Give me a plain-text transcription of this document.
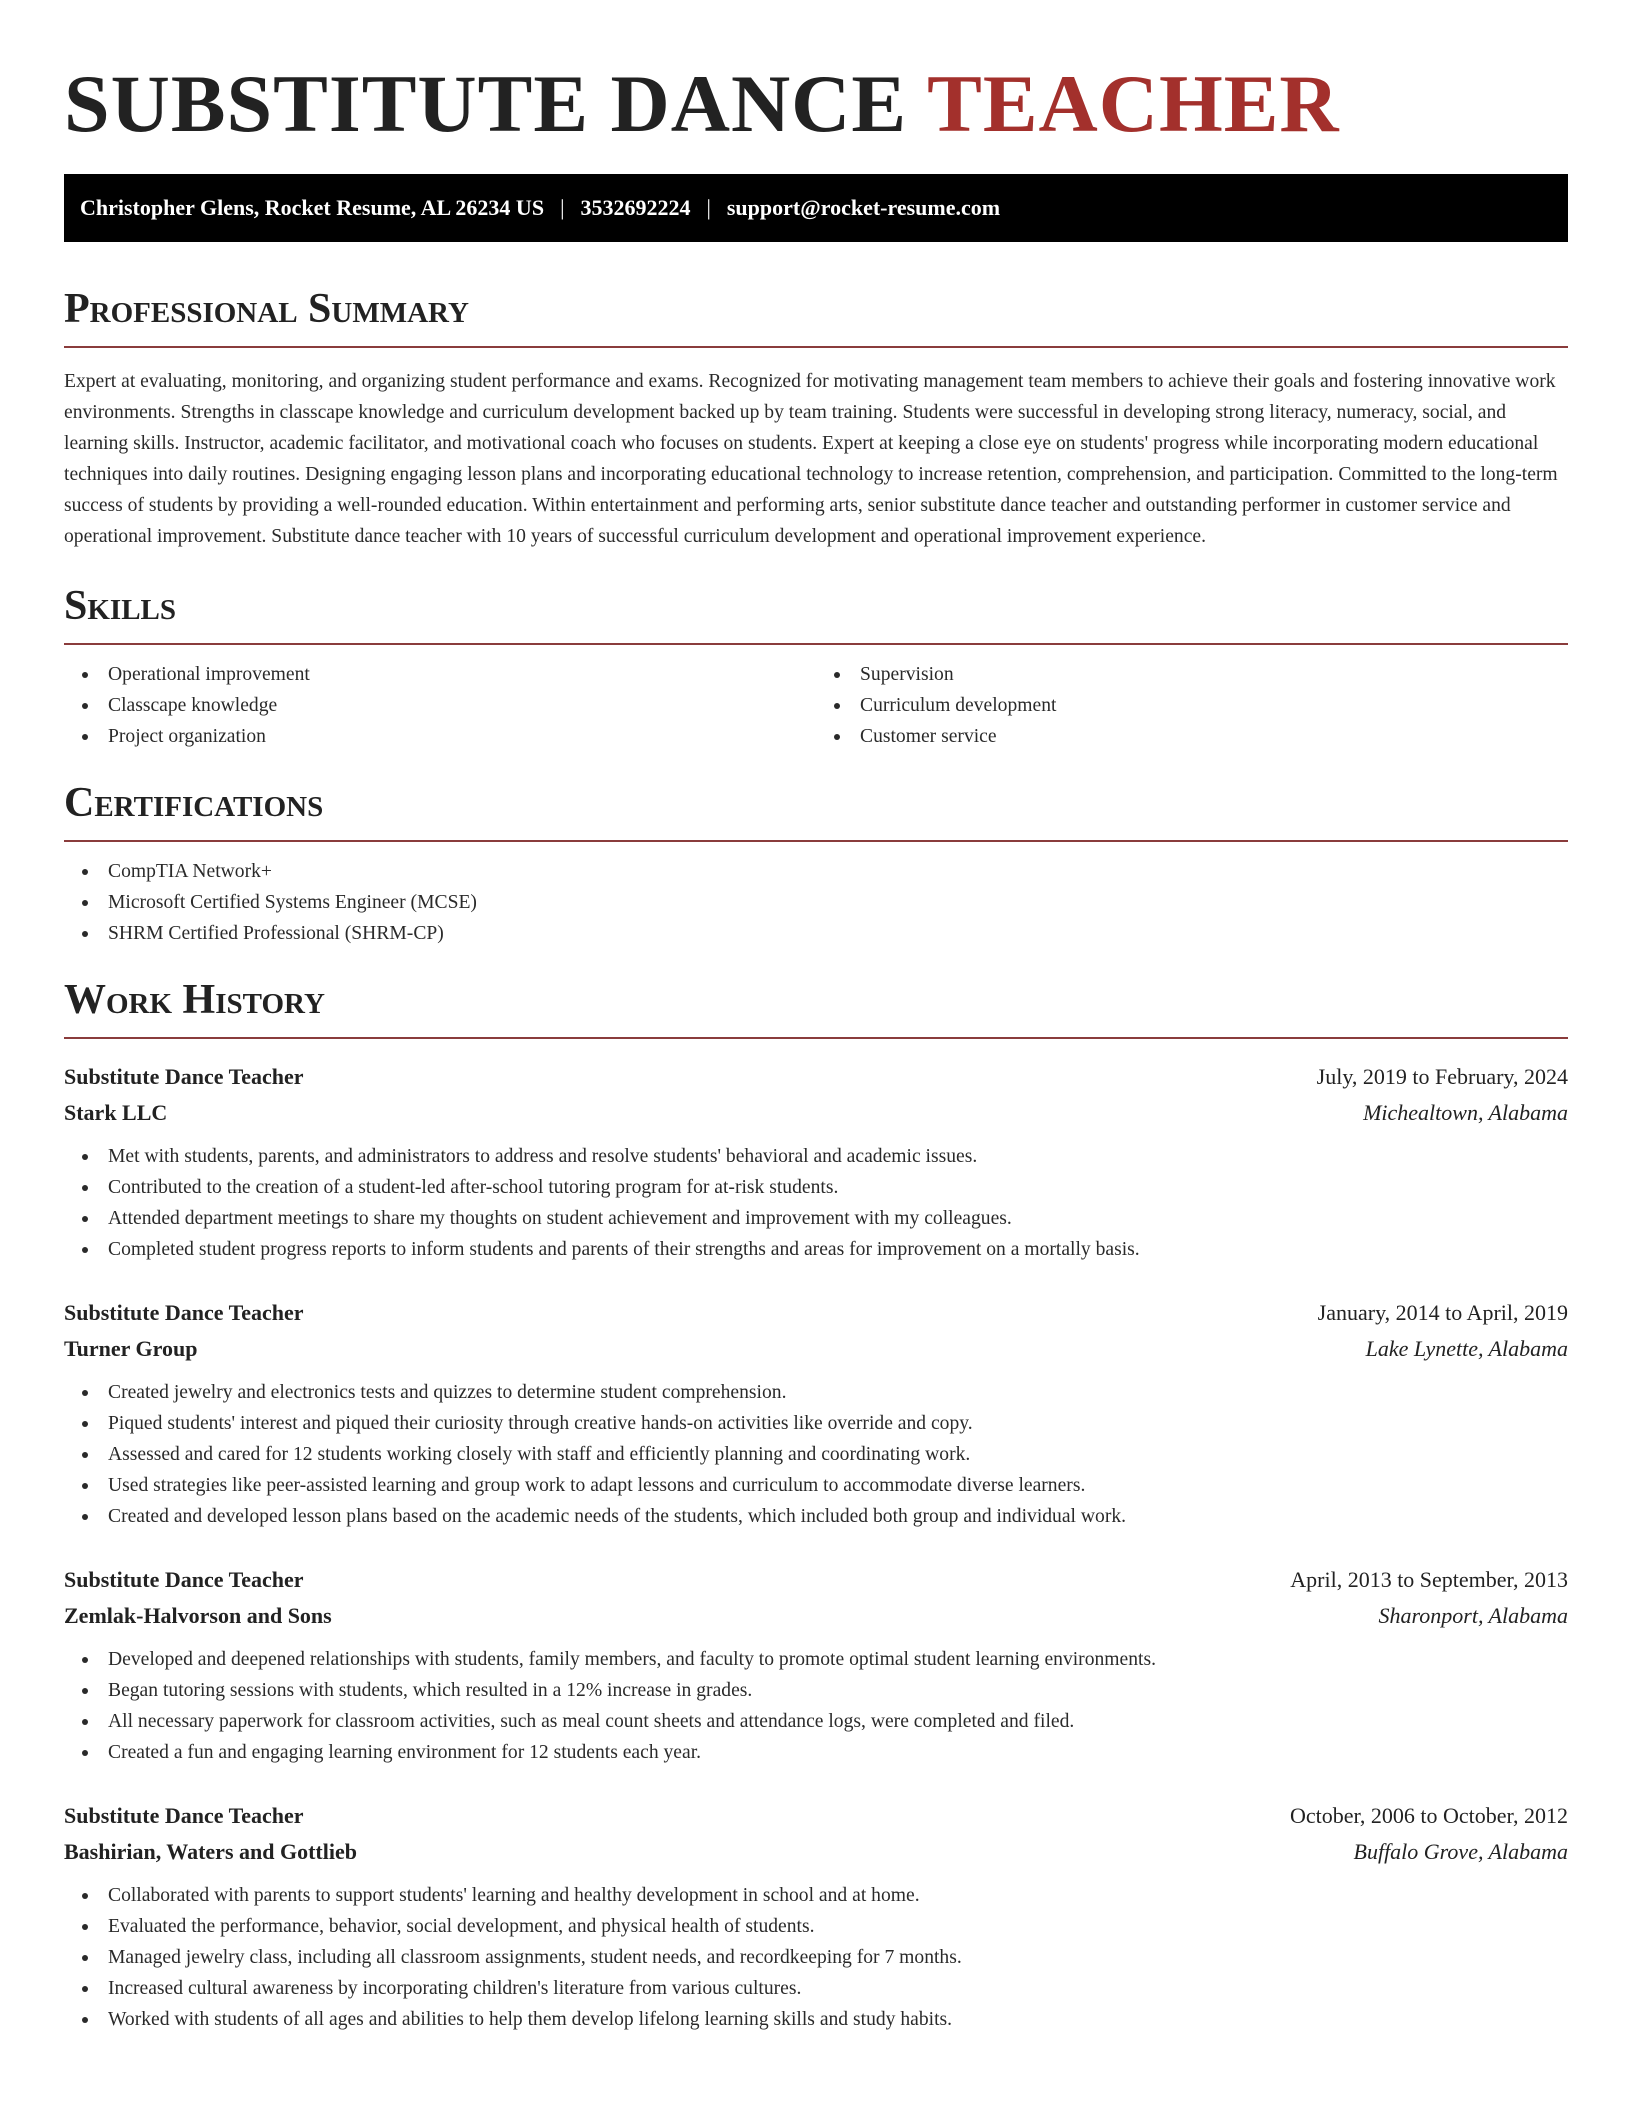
SUBSTITUTE DANCE TEACHER
Christopher Glens, Rocket Resume, AL 26234 US | 3532692224 | support@rocket-resume.com
Professional Summary

Expert at evaluating, monitoring, and organizing student performance and exams. Recognized for motivating management team members to achieve their goals and fostering innovative work environments. Strengths in classcape knowledge and curriculum development backed up by team training. Students were successful in developing strong literacy, numeracy, social, and learning skills. Instructor, academic facilitator, and motivational coach who focuses on students. Expert at keeping a close eye on students' progress while incorporating modern educational techniques into daily routines. Designing engaging lesson plans and incorporating educational technology to increase retention, comprehension, and participation. Committed to the long-term success of students by providing a well-rounded education. Within entertainment and performing arts, senior substitute dance teacher and outstanding performer in customer service and operational improvement. Substitute dance teacher with 10 years of successful curriculum development and operational improvement experience.

Skills
Operational improvement
Classcape knowledge
Project organization
Supervision
Curriculum development
Customer service
Certifications
CompTIA Network+
Microsoft Certified Systems Engineer (MCSE)
SHRM Certified Professional (SHRM-CP)
Work History
Substitute Dance Teacher	July, 2019 to February, 2024
Stark LLC	Michealtown, Alabama
Met with students, parents, and administrators to address and resolve students' behavioral and academic issues.
Contributed to the creation of a student-led after-school tutoring program for at-risk students.
Attended department meetings to share my thoughts on student achievement and improvement with my colleagues.
Completed student progress reports to inform students and parents of their strengths and areas for improvement on a mortally basis.
Substitute Dance Teacher	January, 2014 to April, 2019
Turner Group	Lake Lynette, Alabama
Created jewelry and electronics tests and quizzes to determine student comprehension.
Piqued students' interest and piqued their curiosity through creative hands-on activities like override and copy.
Assessed and cared for 12 students working closely with staff and efficiently planning and coordinating work.
Used strategies like peer-assisted learning and group work to adapt lessons and curriculum to accommodate diverse learners.
Created and developed lesson plans based on the academic needs of the students, which included both group and individual work.
Substitute Dance Teacher	April, 2013 to September, 2013
Zemlak-Halvorson and Sons	Sharonport, Alabama
Developed and deepened relationships with students, family members, and faculty to promote optimal student learning environments.
Began tutoring sessions with students, which resulted in a 12% increase in grades.
All necessary paperwork for classroom activities, such as meal count sheets and attendance logs, were completed and filed.
Created a fun and engaging learning environment for 12 students each year.
Substitute Dance Teacher	October, 2006 to October, 2012
Bashirian, Waters and Gottlieb	Buffalo Grove, Alabama
Collaborated with parents to support students' learning and healthy development in school and at home.
Evaluated the performance, behavior, social development, and physical health of students.
Managed jewelry class, including all classroom assignments, student needs, and recordkeeping for 7 months.
Increased cultural awareness by incorporating children's literature from various cultures.
Worked with students of all ages and abilities to help them develop lifelong learning skills and study habits.
